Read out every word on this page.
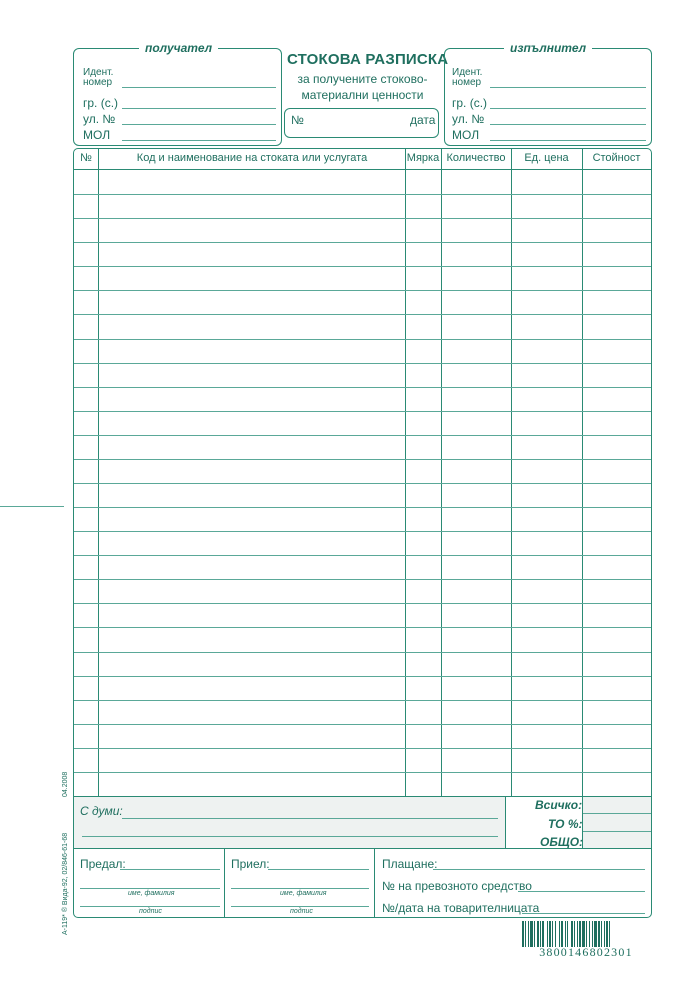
получател
Идент.
номер
гр. (с.)
ул. №
МОЛ
СТОКОВА РАЗПИСКА
за получените стоково-
материални ценности
№	дата
изпълнител
Идент.
номер
гр. (с.)
ул. №
МОЛ
№	Код и наименование на стоката или услугата	Мярка Количество	Ед. цена	Стойност
С думи:	Всичко:
ТО %:
ОБЩО:
Предал:
име, фамилия
подпис
Приел:
име, фамилия
подпис
Плащане:
№ на превозното средство
№/дата на товарителницата
04.2008
A-119* ® Вида-92, 02/846-61-68
3800146802301
